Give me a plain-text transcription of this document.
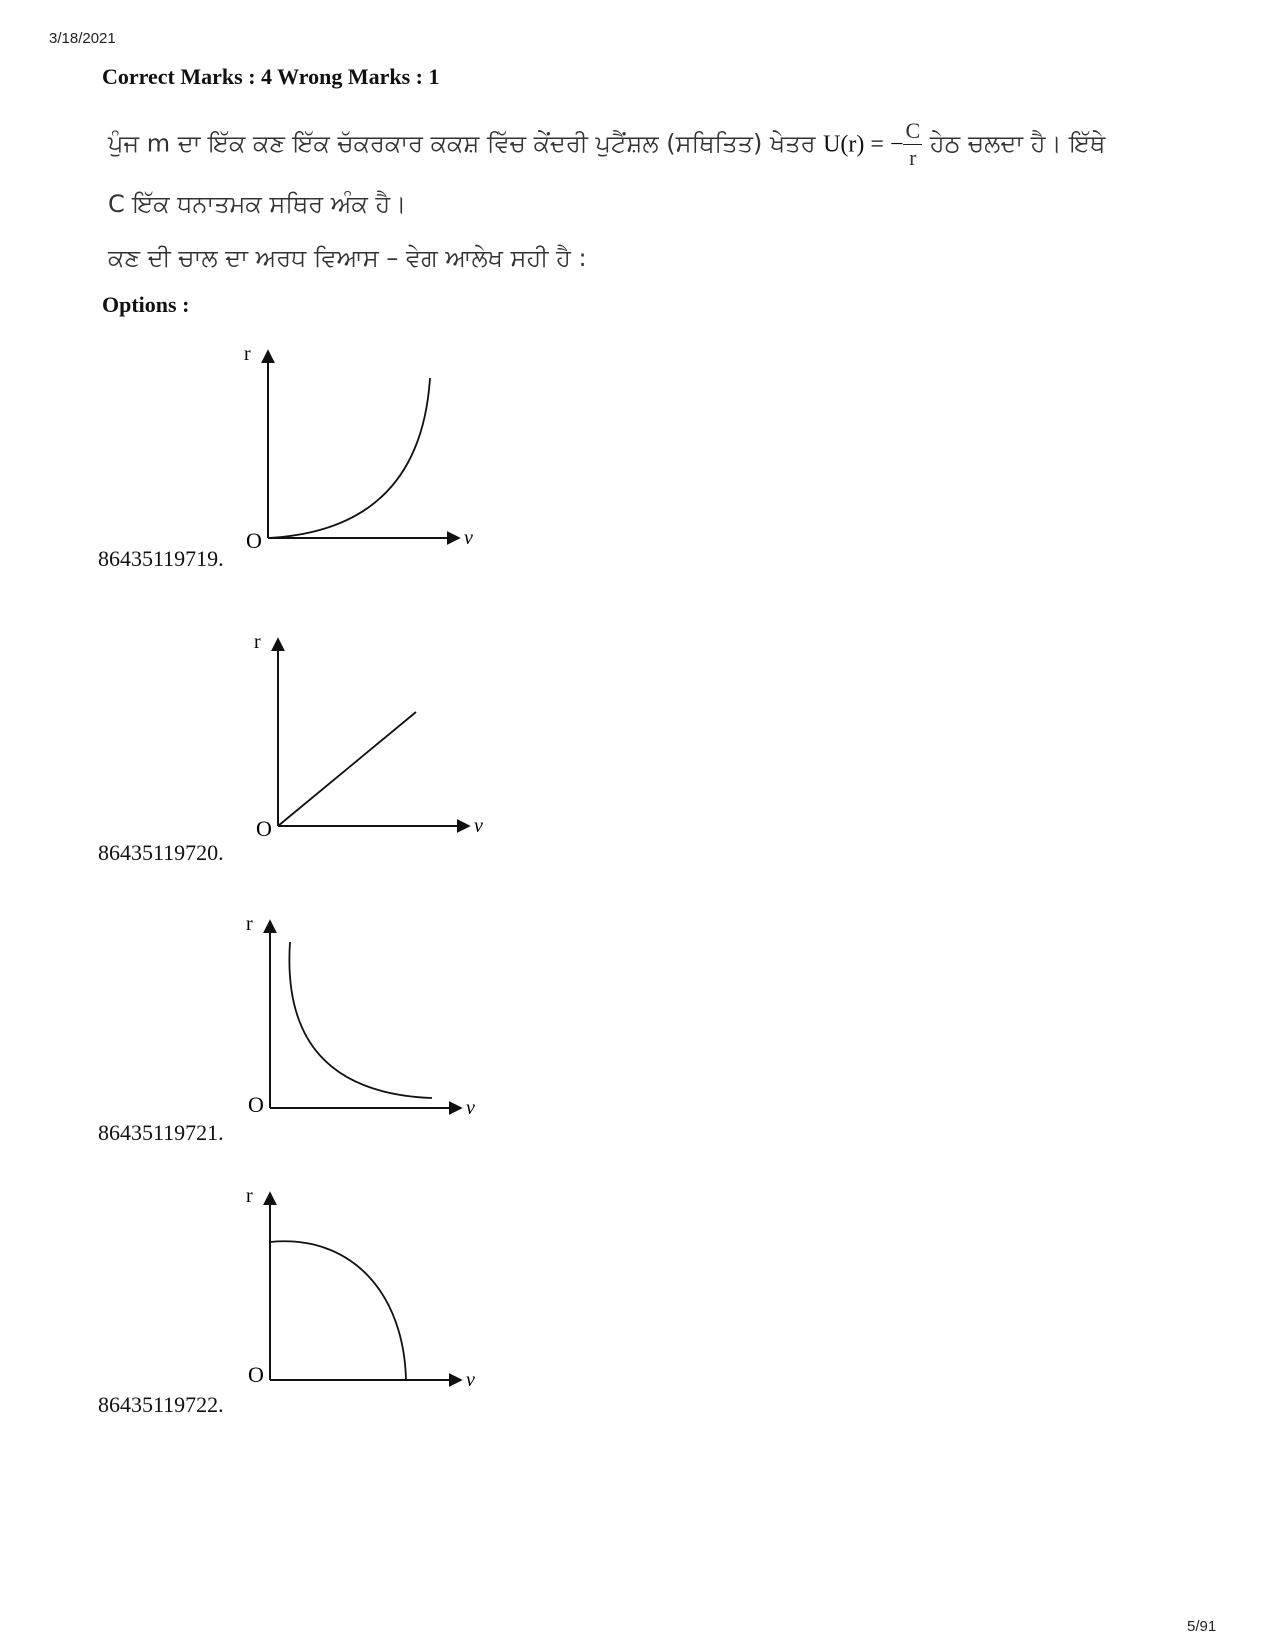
3/18/2021
Correct Marks : 4 Wrong Marks : 1
ਪੁੰਜ m ਦਾ ਇੱਕ ਕਣ ਇੱਕ ਚੱਕਰਕਾਰ ਕਕਸ਼ ਵਿੱਚ ਕੇਂਦਰੀ ਪੁਟੈਂਸ਼ਲ (ਸਥਿਤਿਤ) ਖੇਤਰ U(r) = − $\frac{C}{r}$ ਹੇਠ ਚਲਦਾ ਹੈ। ਇੱਥੇ
C ਇੱਕ ਧਨਾਤਮਕ ਸਥਿਰ ਅੰਕ ਹੈ।
ਕਣ ਦੀ ਚਾਲ ਦਾ ਅਰਧ ਵਿਆਸ – ਵੇਗ ਆਲੇਖ ਸਹੀ ਹੈ :
Options :
86435119719.
r
v
O
86435119720.
r
v
O
86435119721.
r
v
O
86435119722.
r
v
O
5/91
